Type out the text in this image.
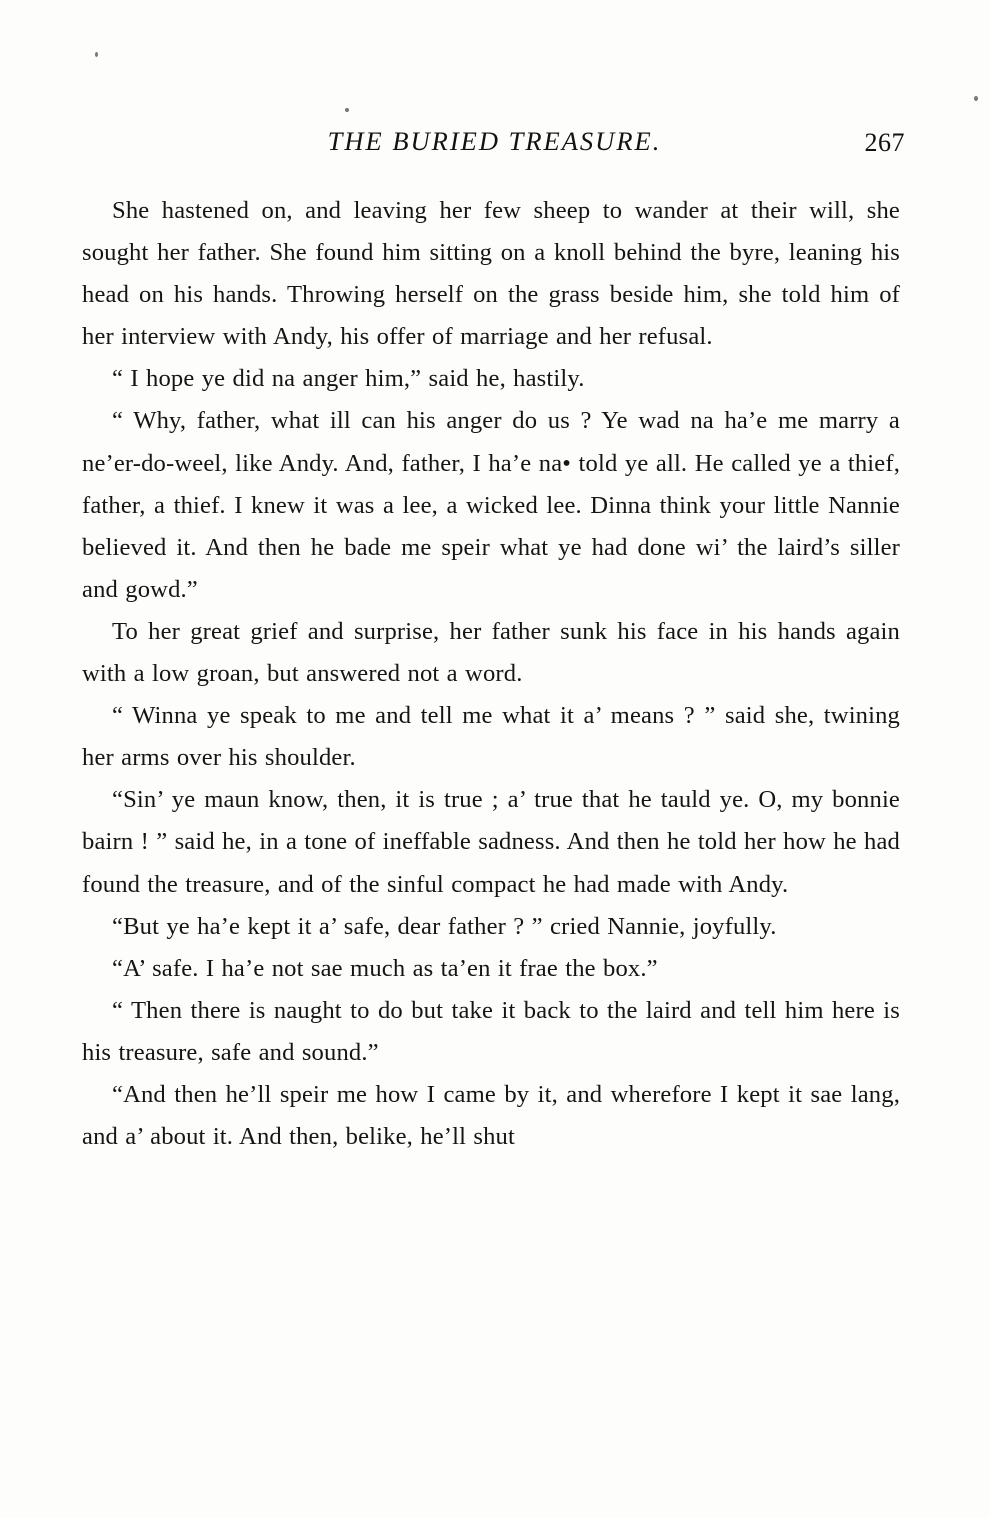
THE BURIED TREASURE.	267

She hastened on, and leaving her few sheep to wander at their will, she sought her father. She found him sitting on a knoll behind the byre, leaning his head on his hands. Throwing herself on the grass beside him, she told him of her interview with Andy, his offer of marriage and her refusal.

“ I hope ye did na anger him,” said he, hastily.

“ Why, father, what ill can his anger do us ? Ye wad na ha’e me marry a ne’er-do-weel, like Andy. And, father, I ha’e na• told ye all. He called ye a thief, father, a thief. I knew it was a lee, a wicked lee. Dinna think your little Nannie believed it. And then he bade me speir what ye had done wi’ the laird’s siller and gowd.”

To her great grief and surprise, her father sunk his face in his hands again with a low groan, but answered not a word.

“ Winna ye speak to me and tell me what it a’ means ? ” said she, twining her arms over his shoulder.

“Sin’ ye maun know, then, it is true ; a’ true that he tauld ye. O, my bonnie bairn ! ” said he, in a tone of ineffable sadness. And then he told her how he had found the treasure, and of the sinful compact he had made with Andy.

“But ye ha’e kept it a’ safe, dear father ? ” cried Nannie, joyfully.

“A’ safe. I ha’e not sae much as ta’en it frae the box.”

“ Then there is naught to do but take it back to the laird and tell him here is his treasure, safe and sound.”

“And then he’ll speir me how I came by it, and wherefore I kept it sae lang, and a’ about it. And then, belike, he’ll shut
